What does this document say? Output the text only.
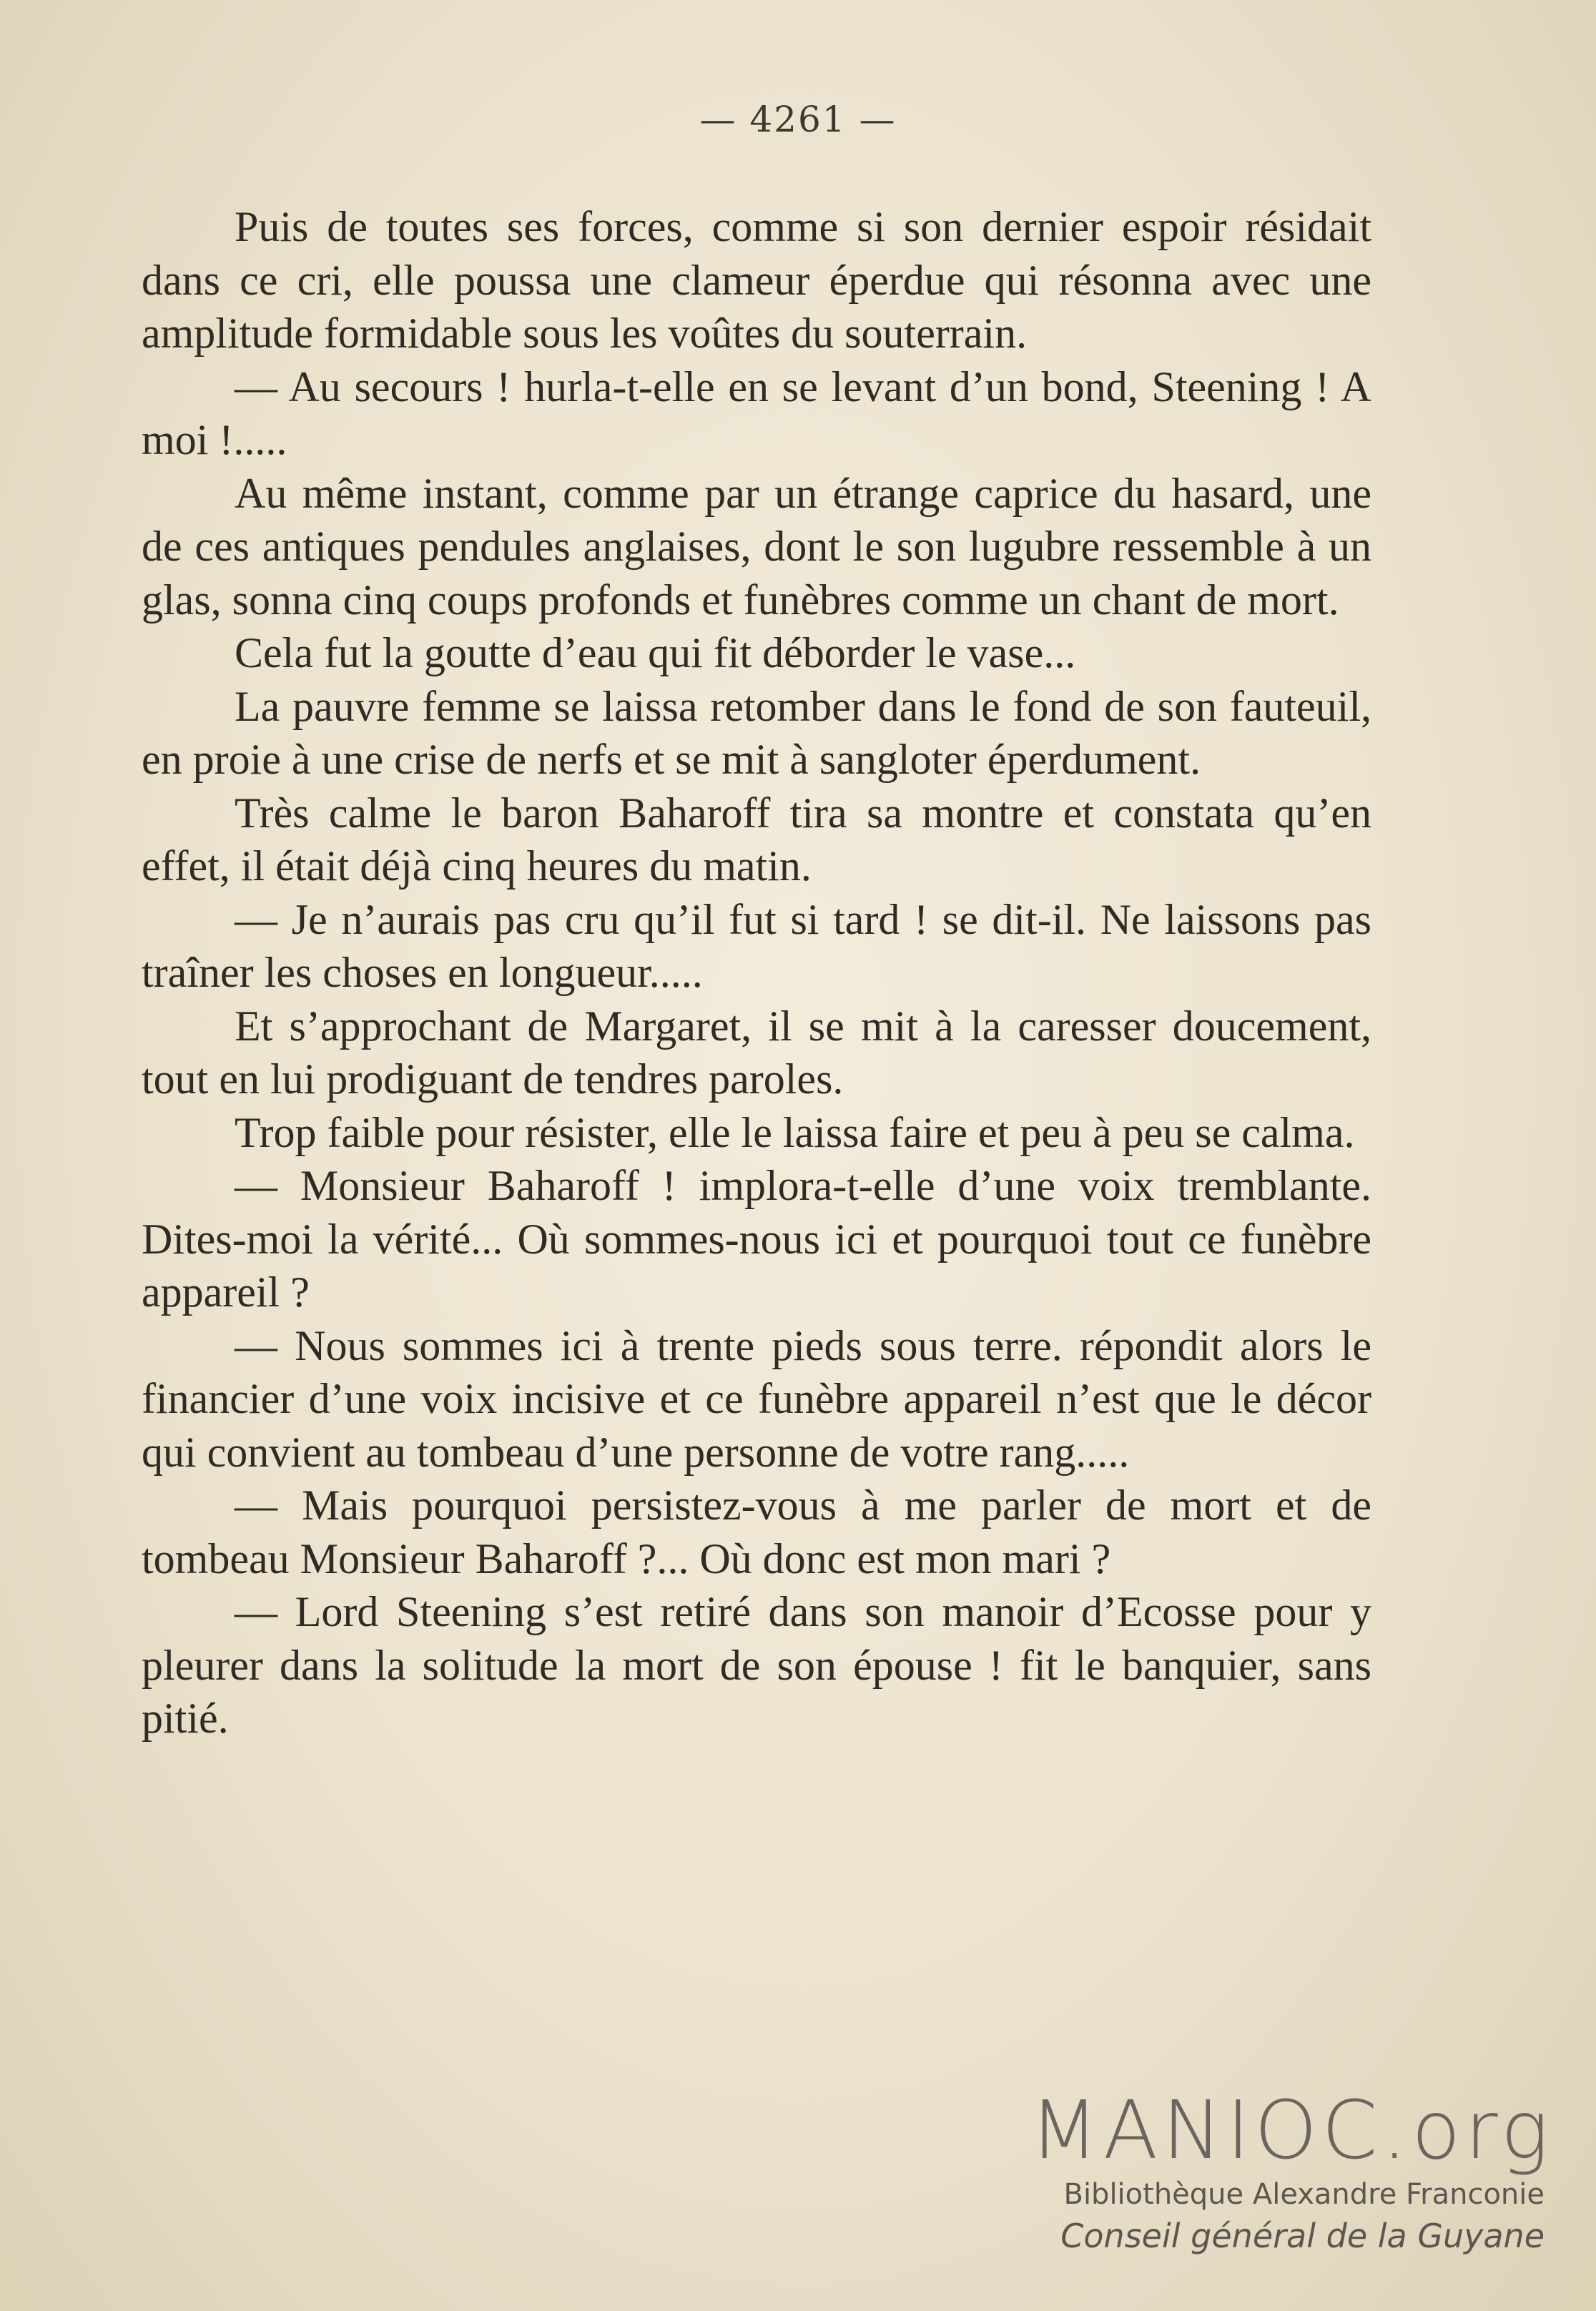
— 4261 —

Puis de toutes ses forces, comme si son dernier espoir résidait dans ce cri, elle poussa une clameur éperdue qui résonna avec une amplitude formidable sous les voûtes du souterrain.

— Au secours ! hurla-t-elle en se levant d’un bond, Steening ! A moi !.....

Au même instant, comme par un étrange caprice du hasard, une de ces antiques pendules anglaises, dont le son lugubre ressemble à un glas, sonna cinq coups profonds et funèbres comme un chant de mort.

Cela fut la goutte d’eau qui fit déborder le vase...

La pauvre femme se laissa retomber dans le fond de son fauteuil, en proie à une crise de nerfs et se mit à sangloter éperdument.

Très calme le baron Baharoff tira sa montre et constata qu’en effet, il était déjà cinq heures du matin.

— Je n’aurais pas cru qu’il fut si tard ! se dit-il. Ne laissons pas traîner les choses en longueur.....

Et s’approchant de Margaret, il se mit à la caresser doucement, tout en lui prodiguant de tendres paroles.

Trop faible pour résister, elle le laissa faire et peu à peu se calma.

— Monsieur Baharoff ! implora-t-elle d’une voix tremblante. Dites-moi la vérité... Où sommes-nous ici et pourquoi tout ce funèbre appareil ?

— Nous sommes ici à trente pieds sous terre. répondit alors le financier d’une voix incisive et ce funèbre appareil n’est que le décor qui convient au tombeau d’une personne de votre rang.....

— Mais pourquoi persistez-vous à me parler de mort et de tombeau Monsieur Baharoff ?... Où donc est mon mari ?

— Lord Steening s’est retiré dans son manoir d’Ecosse pour y pleurer dans la solitude la mort de son épouse ! fit le banquier, sans pitié.

MANIOC.org
Bibliothèque Alexandre Franconie
Conseil général de la Guyane
